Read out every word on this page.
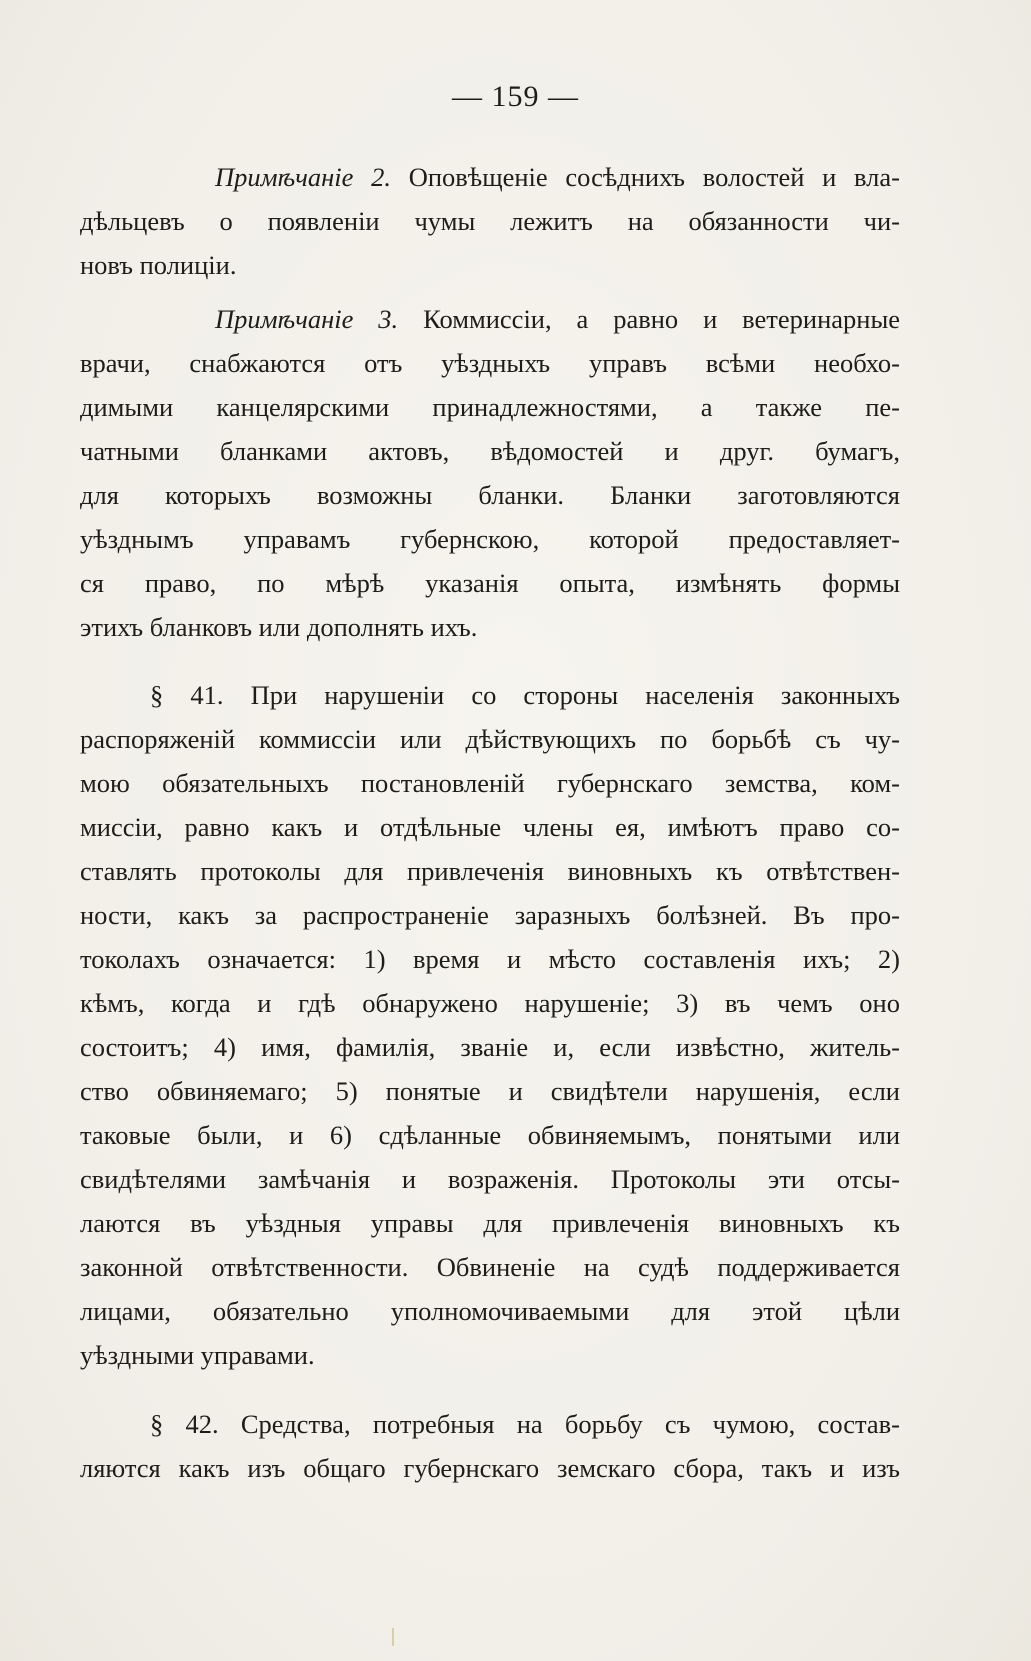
— 159 —
Примѣчаніе 2. Оповѣщеніе сосѣднихъ волостей и вла-
дѣльцевъ о появленіи чумы лежитъ на обязанности чи-
новъ полиціи.
Примѣчаніе 3. Коммиссіи, а равно и ветеринарные
врачи, снабжаются отъ уѣздныхъ управъ всѣми необхо-
димыми канцелярскими принадлежностями, а также пе-
чатными бланками актовъ, вѣдомостей и друг. бумагъ,
для которыхъ возможны бланки. Бланки заготовляются
уѣзднымъ управамъ губернскою, которой предоставляет-
ся право, по мѣрѣ указанія опыта, измѣнять формы
этихъ бланковъ или дополнять ихъ.
§ 41. При нарушеніи со стороны населенія законныхъ
распоряженій коммиссіи или дѣйствующихъ по борьбѣ съ чу-
мою обязательныхъ постановленій губернскаго земства, ком-
миссіи, равно какъ и отдѣльные члены ея, имѣютъ право со-
ставлять протоколы для привлеченія виновныхъ къ отвѣтствен-
ности, какъ за распространеніе заразныхъ болѣзней. Въ про-
токолахъ означается: 1) время и мѣсто составленія ихъ; 2)
кѣмъ, когда и гдѣ обнаружено нарушеніе; 3) въ чемъ оно
состоитъ; 4) имя, фамилія, званіе и, если извѣстно, житель-
ство обвиняемаго; 5) понятые и свидѣтели нарушенія, если
таковые были, и 6) сдѣланные обвиняемымъ, понятыми или
свидѣтелями замѣчанія и возраженія. Протоколы эти отсы-
лаются въ уѣздныя управы для привлеченія виновныхъ къ
законной отвѣтственности. Обвиненіе на судѣ поддерживается
лицами, обязательно уполномочиваемыми для этой цѣли
уѣздными управами.
§ 42. Средства, потребныя на борьбу съ чумою, состав-
ляются какъ изъ общаго губернскаго земскаго сбора, такъ и изъ
